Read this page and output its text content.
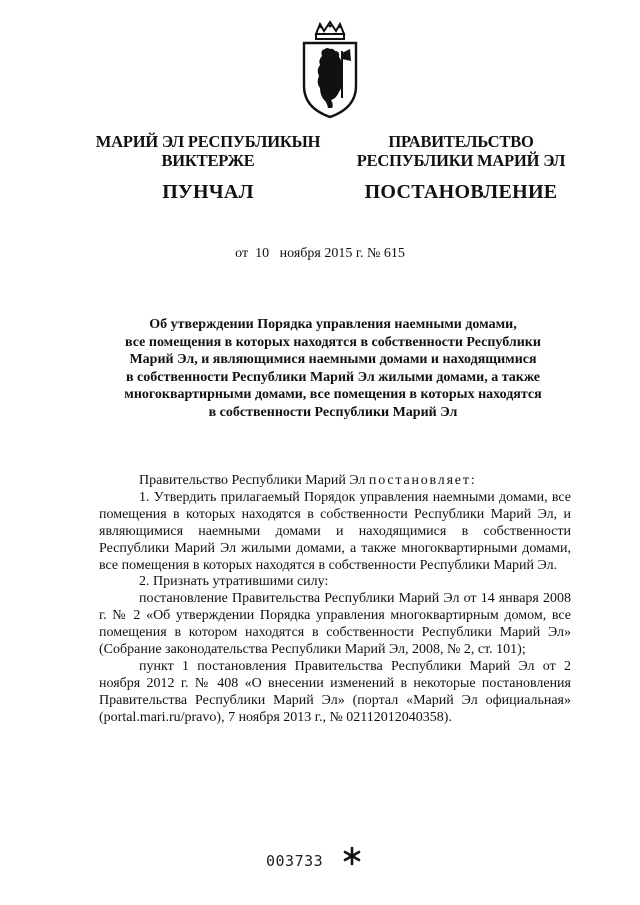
МАРИЙ ЭЛ РЕСПУБЛИКЫН
ВИКТЕРЖЕ
ПУНЧАЛ
ПРАВИТЕЛЬСТВО
РЕСПУБЛИКИ МАРИЙ ЭЛ
ПОСТАНОВЛЕНИЕ
от 10 ноября 2015 г. № 615
Об утверждении Порядка управления наемными домами,
все помещения в которых находятся в собственности Республики
Марий Эл, и являющимися наемными домами и находящимися
в собственности Республики Марий Эл жилыми домами, а также
многоквартирными домами, все помещения в которых находятся
в собственности Республики Марий Эл
Правительство Республики Марий Эл постановляет:
1. Утвердить прилагаемый Порядок управления наемными домами, все помещения в которых находятся в собственности Республики Марий Эл, и являющимися наемными домами и находящимися в собственности Республики Марий Эл жилыми домами, а также многоквартирными домами, все помещения в которых находятся в собственности Республики Марий Эл.
2. Признать утратившими силу:
постановление Правительства Республики Марий Эл от 14 января 2008 г. № 2 «Об утверждении Порядка управления многоквартирным домом, все помещения в котором находятся в собственности Республики Марий Эл» (Собрание законодательства Республики Марий Эл, 2008, № 2, ст. 101);
пункт 1 постановления Правительства Республики Марий Эл от 2 ноября 2012 г. № 408 «О внесении изменений в некоторые постановления Правительства Республики Марий Эл» (портал «Марий Эл официальная» (portal.mari.ru/pravo), 7 ноября 2013 г., № 02112012040358).
003733
